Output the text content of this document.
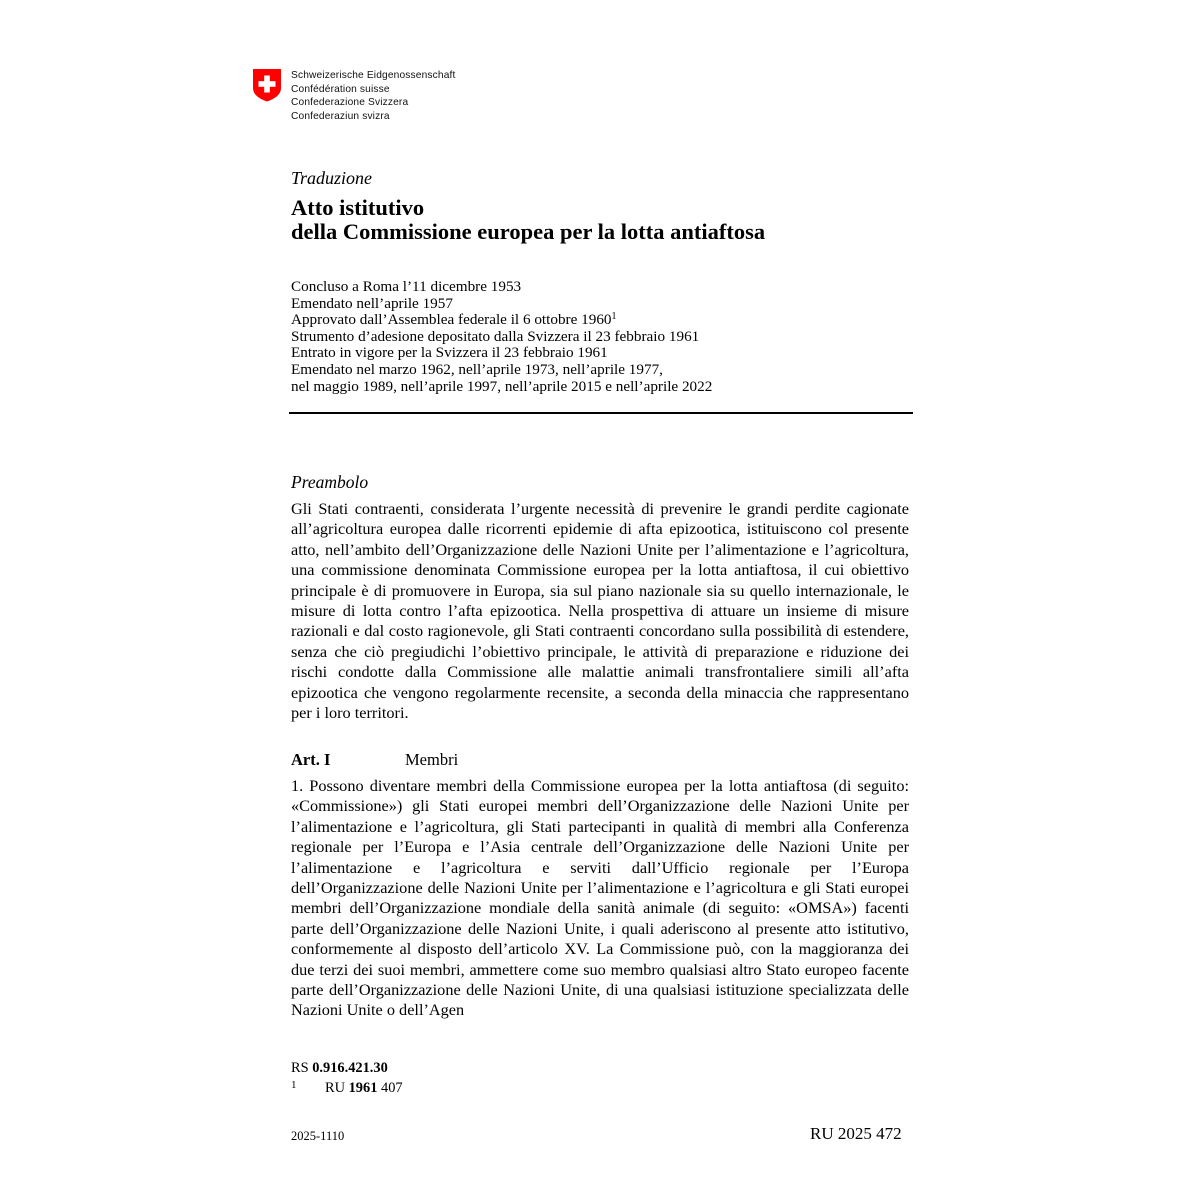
Schweizerische Eidgenossenschaft
Confédération suisse
Confederazione Svizzera
Confederaziun svizra
Traduzione
Atto istitutivo
della Commissione europea per la lotta antiaftosa
Concluso a Roma l’11 dicembre 1953
Emendato nell’aprile 1957
Approvato dall’Assemblea federale il 6 ottobre 1960$^1$
Strumento d’adesione depositato dalla Svizzera il 23 febbraio 1961
Entrato in vigore per la Svizzera il 23 febbraio 1961
Emendato nel marzo 1962, nell’aprile 1973, nell’aprile 1977,
nel maggio 1989, nell’aprile 1997, nell’aprile 2015 e nell’aprile 2022
Preambolo

Gli Stati contraenti, considerata l’urgente necessità di prevenire le grandi perdite cagionate all’agricoltura europea dalle ricorrenti epidemie di afta epizootica, istituiscono col presente atto, nell’ambito dell’Organizzazione delle Nazioni Unite per l’alimentazione e l’agricoltura, una commissione denominata Commissione europea per la lotta antiaftosa, il cui obiettivo principale è di promuovere in Europa, sia sul piano nazionale sia su quello internazionale, le misure di lotta contro l’afta epizootica. Nella prospettiva di attuare un insieme di misure razionali e dal costo ragionevole, gli Stati contraenti concordano sulla possibilità di estendere, senza che ciò pregiudichi l’obiettivo principale, le attività di preparazione e riduzione dei rischi condotte dalla Commissione alle malattie animali transfrontaliere simili all’afta epizootica che vengono regolarmente recensite, a seconda della minaccia che rappresentano per i loro territori.

Art. I	Membri

1. Possono diventare membri della Commissione europea per la lotta antiaftosa (di seguito: «Commissione») gli Stati europei membri dell’Organizzazione delle Nazioni Unite per l’alimentazione e l’agricoltura, gli Stati partecipanti in qualità di membri alla Conferenza regionale per l’Europa e l’Asia centrale dell’Organizzazione delle Nazioni Unite per l’alimentazione e l’agricoltura e serviti dall’Ufficio regionale per l’Europa dell’Organizzazione delle Nazioni Unite per l’alimentazione e l’agricoltura e gli Stati europei membri dell’Organizzazione mondiale della sanità animale (di seguito: «OMSA») facenti parte dell’Organizzazione delle Nazioni Unite, i quali aderiscono al presente atto istitutivo, conformemente al disposto dell’articolo XV. La Commissione può, con la maggioranza dei due terzi dei suoi membri, ammettere come suo membro qualsiasi altro Stato europeo facente parte dell’Organizzazione delle Nazioni Unite, di una qualsiasi istituzione specializzata delle Nazioni Unite o dell’Agen

RS 0.916.421.30
1 RU 1961 407
2025-1110	RU 2025 472
